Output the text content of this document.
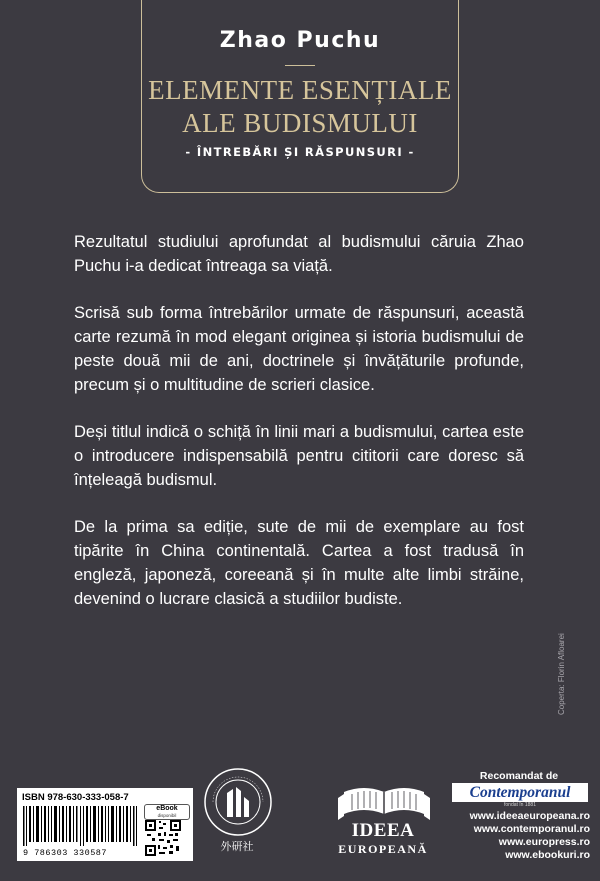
Zhao Puchu
ELEMENTE ESENȚIALE
ALE BUDISMULUI
- ÎNTREBĂRI ȘI RĂSPUNSURI -

Rezultatul studiului aprofundat al budismului căruia Zhao Puchu i-a dedicat întreaga sa viață.

Scrisă sub forma întrebărilor urmate de răspunsuri, această carte rezumă în mod elegant originea și istoria budismului de peste două mii de ani, doctrinele și învățăturile profunde, precum și o multitudine de scrieri clasice.

Deși titlul indică o schiță în linii mari a budismului, cartea este o introducere indispensabilă pentru cititorii care doresc să înțeleagă budismul.

De la prima sa ediție, sute de mii de exemplare au fost tipărite în China continentală. Cartea a fost tradusă în engleză, japoneză, coreeană și în multe alte limbi străine, devenind o lucrare clasică a studiilor budiste.

Coperta: Florin Afloarei
ISBN 978-630-333-058-7
9 786303 330587
eBook
disponibil
外研社
IDEEA
EUROPEANĂ
Recomandat de
Contemporanul
fondat în 1881
www.ideeaeuropeana.ro
www.contemporanul.ro
www.europress.ro
www.ebookuri.ro
